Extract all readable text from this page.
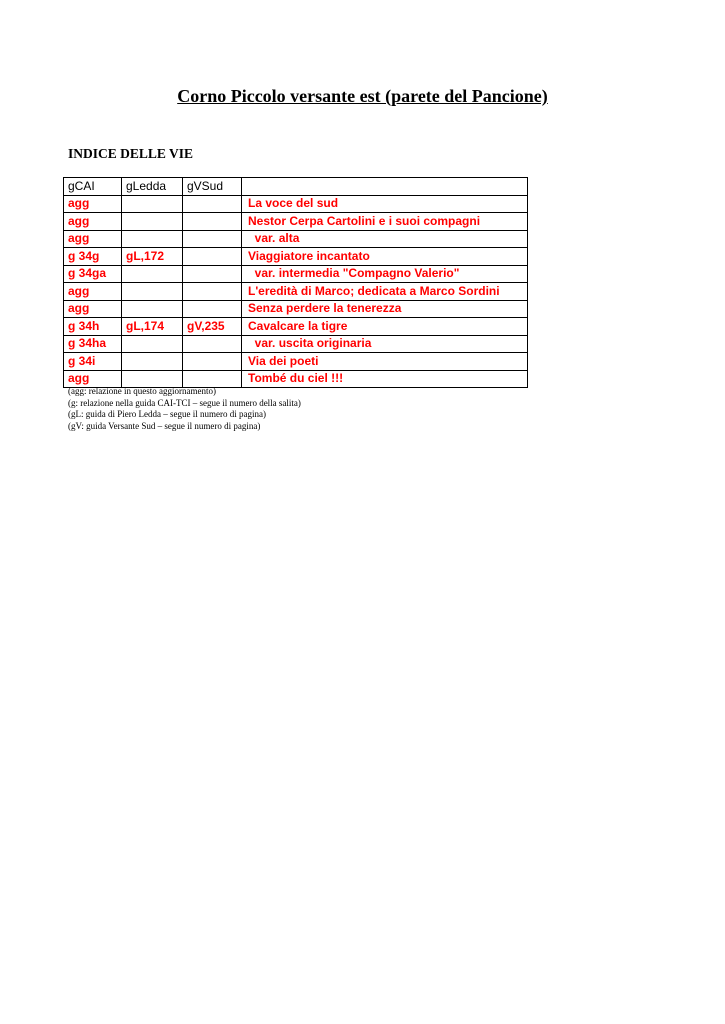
Corno Piccolo versante est (parete del Pancione)
INDICE DELLE VIE
gCAI	gLedda	gVSud	
agg			La voce del sud
agg			Nestor Cerpa Cartolini e i suoi compagni
agg			var. alta
g 34g	gL,172		Viaggiatore incantato
g 34ga			var. intermedia "Compagno Valerio"
agg			L'eredità di Marco; dedicata a Marco Sordini
agg			Senza perdere la tenerezza
g 34h	gL,174	gV,235	Cavalcare la tigre
g 34ha			var. uscita originaria
g 34i			Via dei poeti
agg			Tombé du ciel !!!
(agg: relazione in questo aggiornamento)
(g: relazione nella guida CAI-TCI – segue il numero della salita)
(gL: guida di Piero Ledda – segue il numero di pagina)
(gV: guida Versante Sud – segue il numero di pagina)
